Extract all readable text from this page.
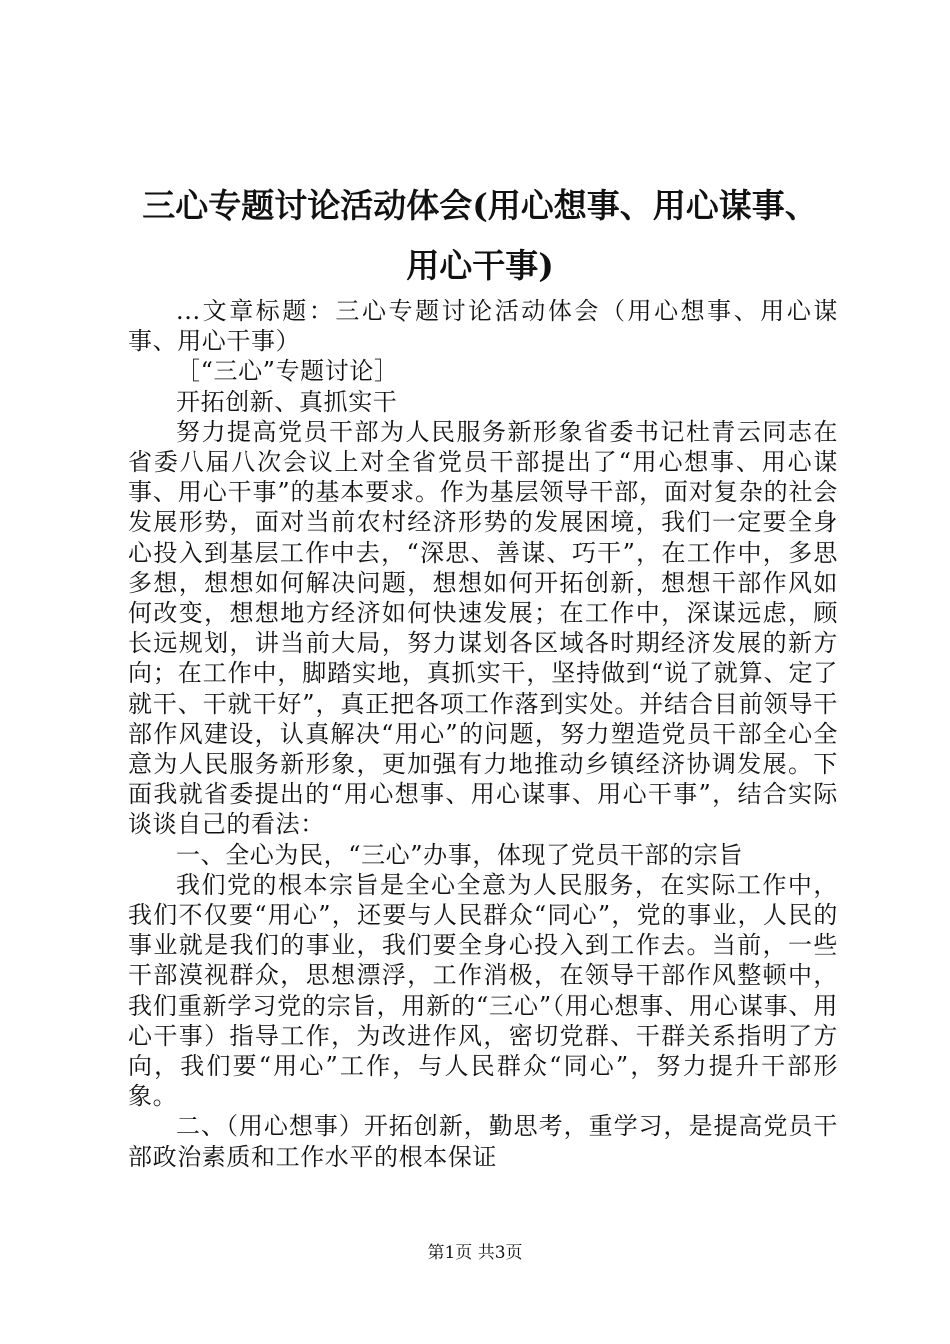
三心专题讨论活动体会(用心想事、用心谋事、
用心干事)

...文章标题：三心专题讨论活动体会（用心想事、用心谋事、用心干事）

［“三心”专题讨论］

开拓创新、真抓实干

努力提高党员干部为人民服务新形象省委书记杜青云同志在省委八届八次会议上对全省党员干部提出了“用心想事、用心谋事、用心干事”的基本要求。作为基层领导干部，面对复杂的社会发展形势，面对当前农村经济形势的发展困境，我们一定要全身心投入到基层工作中去，“深思、善谋、巧干”，在工作中，多思多想，想想如何解决问题，想想如何开拓创新，想想干部作风如何改变，想想地方经济如何快速发展；在工作中，深谋远虑，顾长远规划，讲当前大局，努力谋划各区域各时期经济发展的新方向；在工作中，脚踏实地，真抓实干，坚持做到“说了就算、定了就干、干就干好”，真正把各项工作落到实处。并结合目前领导干部作风建设，认真解决“用心”的问题，努力塑造党员干部全心全意为人民服务新形象，更加强有力地推动乡镇经济协调发展。下面我就省委提出的“用心想事、用心谋事、用心干事”，结合实际谈谈自己的看法：

一、全心为民，“三心”办事，体现了党员干部的宗旨

我们党的根本宗旨是全心全意为人民服务，在实际工作中，我们不仅要“用心”，还要与人民群众“同心”，党的事业，人民的事业就是我们的事业，我们要全身心投入到工作去。当前，一些干部漠视群众，思想漂浮，工作消极，在领导干部作风整顿中，我们重新学习党的宗旨，用新的“三心”（用心想事、用心谋事、用心干事）指导工作，为改进作风，密切党群、干群关系指明了方向，我们要“用心”工作，与人民群众“同心”，努力提升干部形象。

二、（用心想事）开拓创新，勤思考，重学习，是提高党员干部政治素质和工作水平的根本保证

第1页 共3页
